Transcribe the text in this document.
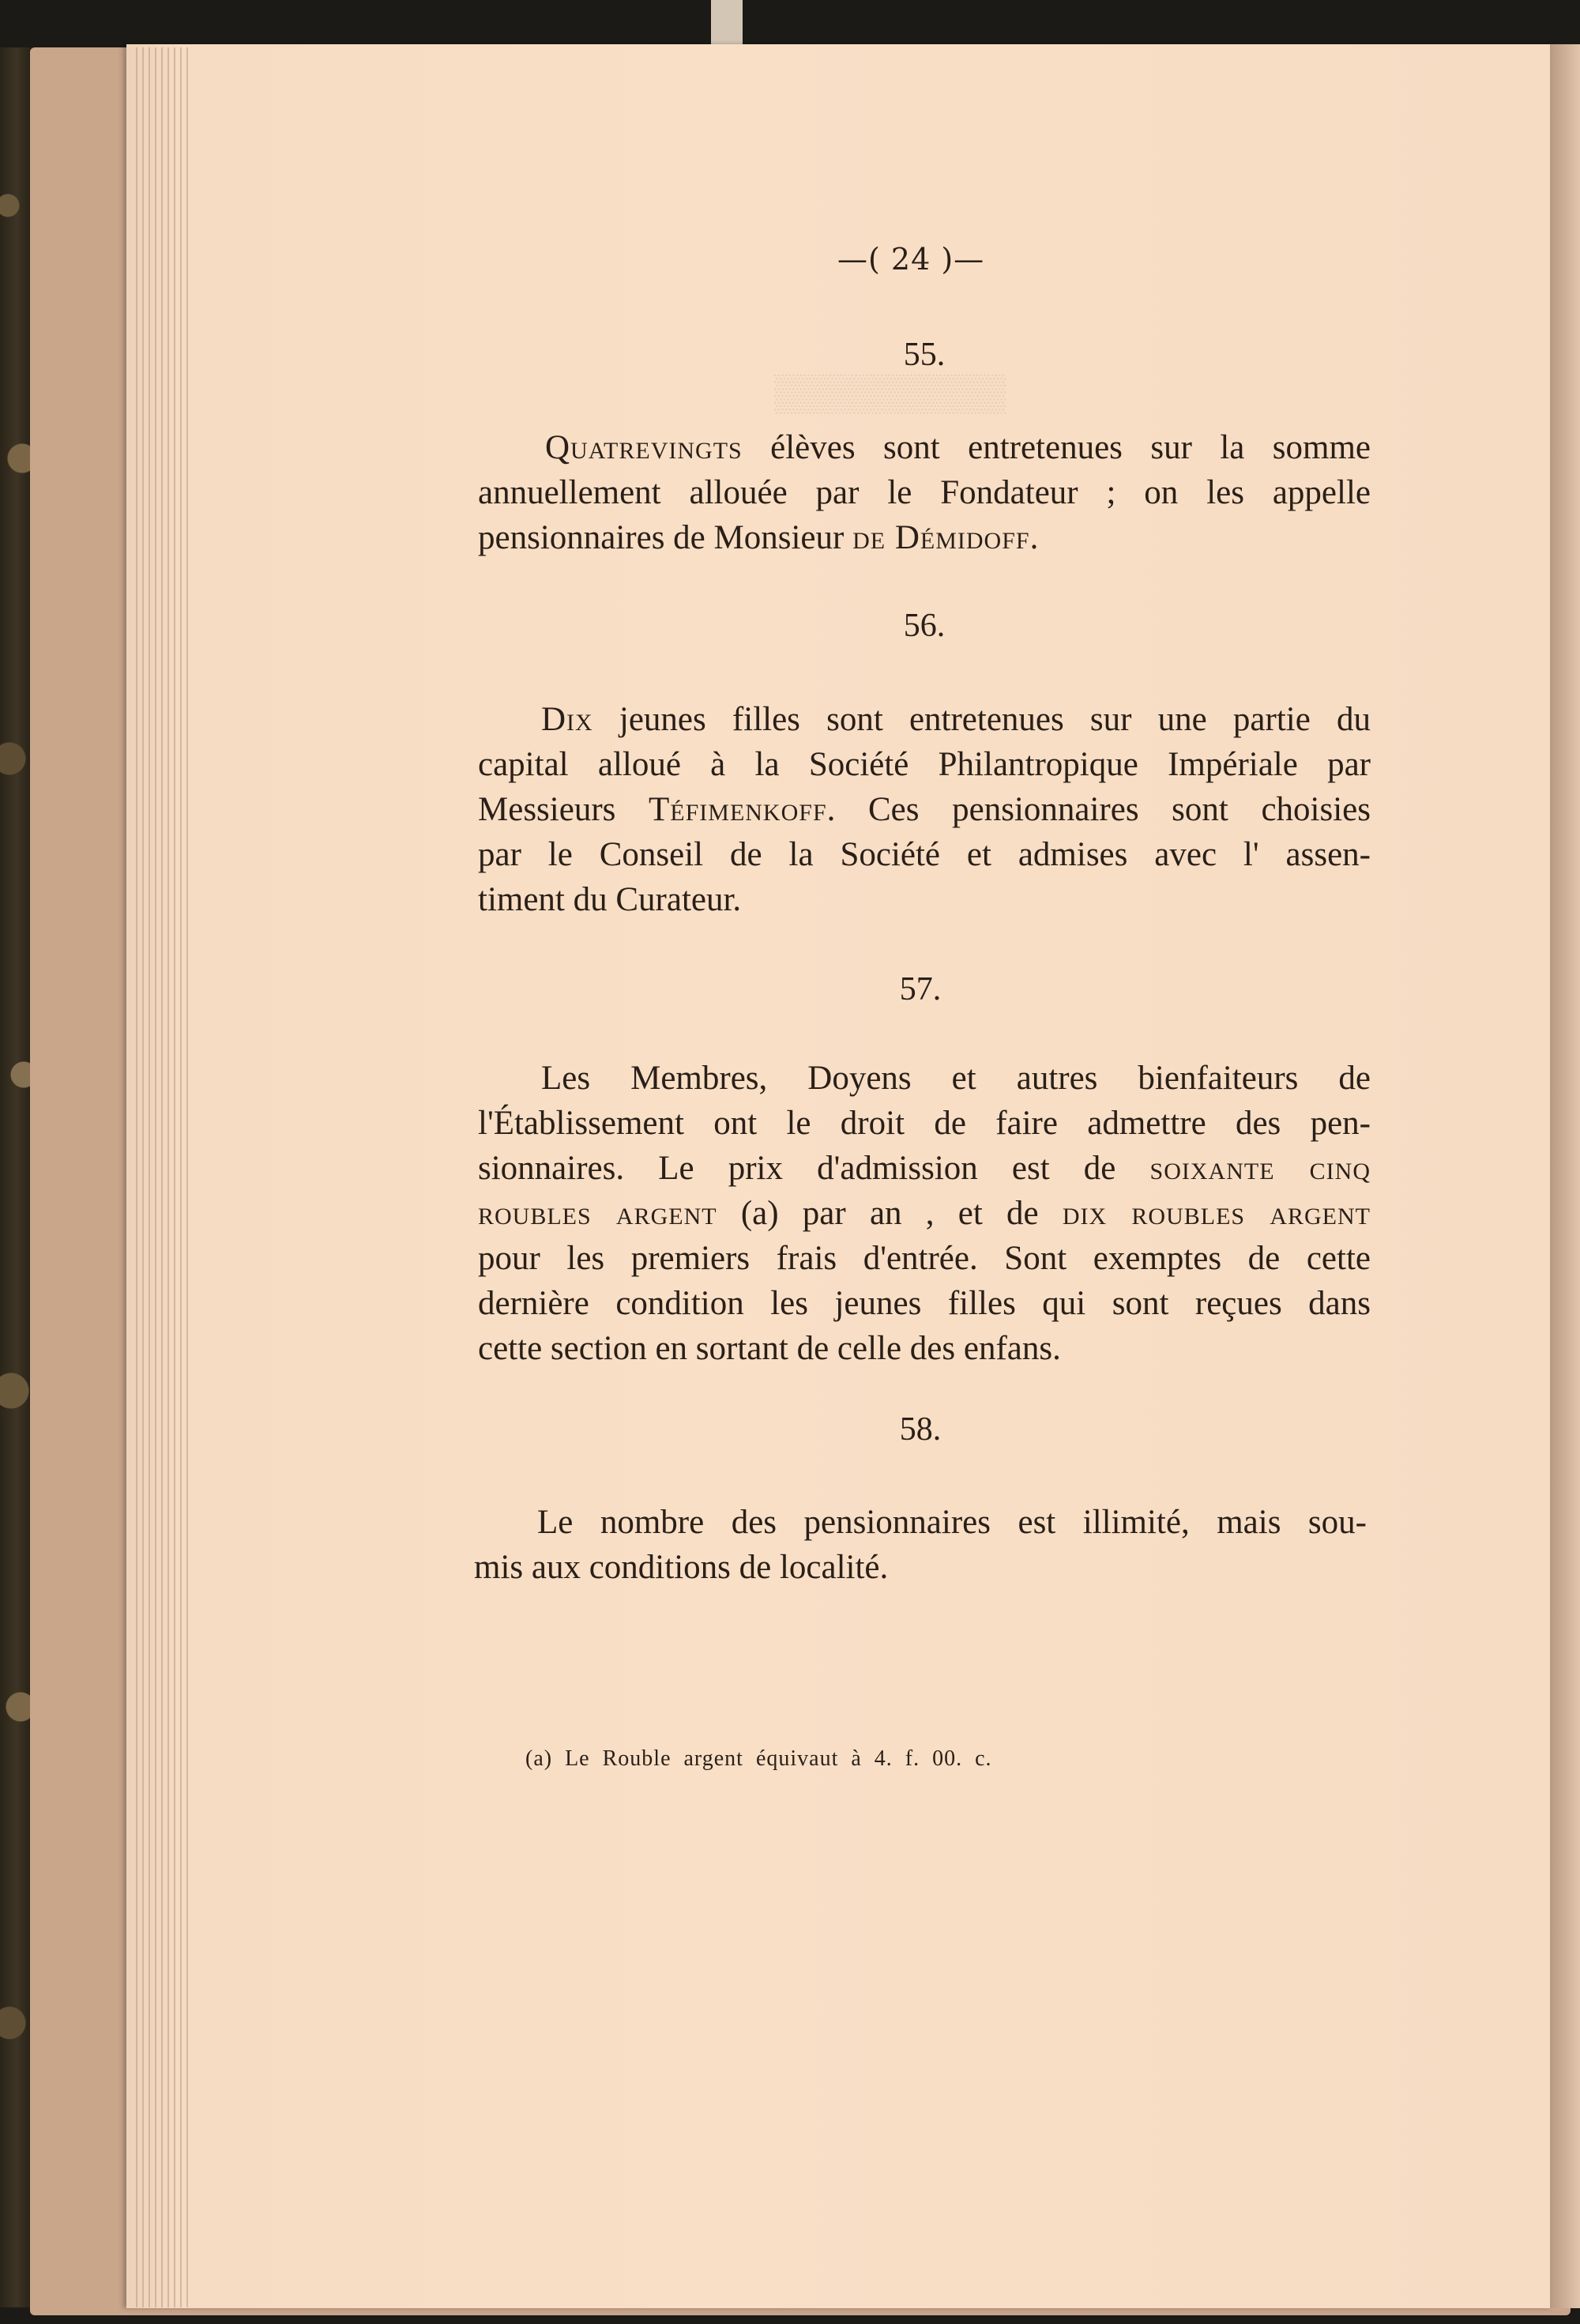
▒▒▒▒▒▒▒▒▒
—( 24 )—
55.

Quatrevingts élèves sont entretenues sur la somme
annuellement allouée par le Fondateur ; on les appelle
pensionnaires de Monsieur de Démidoff.

56.

Dix jeunes filles sont entretenues sur une partie du
capital alloué à la Société Philantropique Impériale par
Messieurs Téfimenkoff. Ces pensionnaires sont choisies
par le Conseil de la Société et admises avec l' assen-
timent du Curateur.

57.

Les Membres, Doyens et autres bienfaiteurs de
l'Établissement ont le droit de faire admettre des pen-
sionnaires. Le prix d'admission est de soixante cinq
roubles argent (a) par an , et de dix roubles argent
pour les premiers frais d'entrée. Sont exemptes de cette
dernière condition les jeunes filles qui sont reçues dans
cette section en sortant de celle des enfans.

58.

Le nombre des pensionnaires est illimité, mais sou-
mis aux conditions de localité.

(a) Le Rouble argent équivaut à 4. f. 00. c.
